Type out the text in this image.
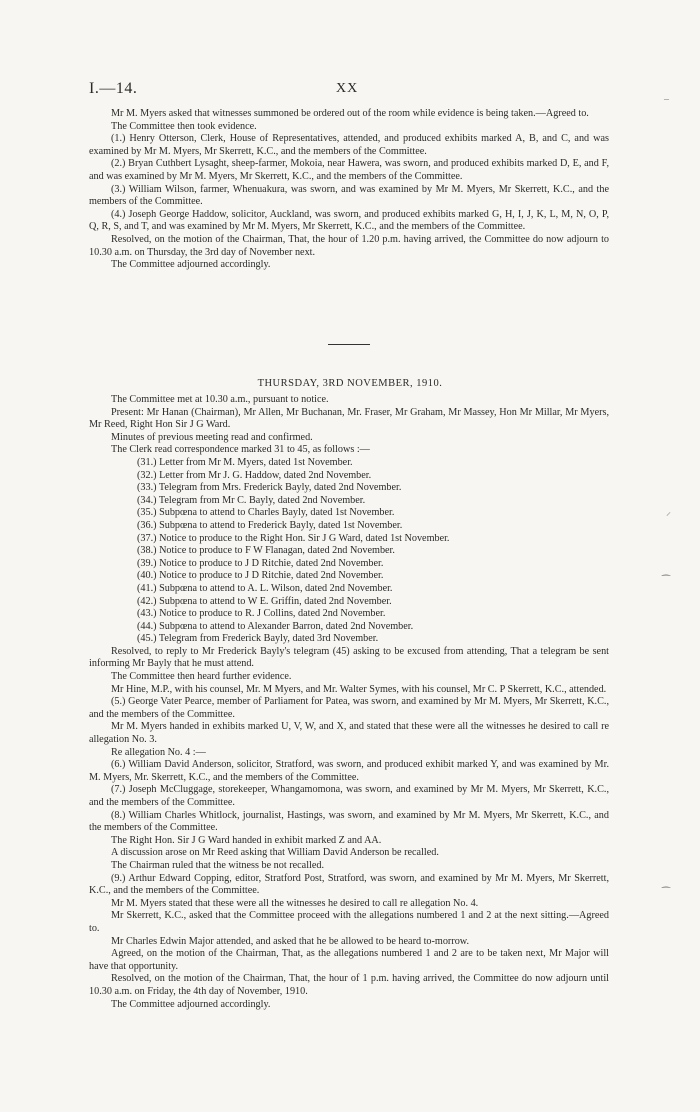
I.—14.	XX

Mr M. Myers asked that witnesses summoned be ordered out of the room while evidence is being taken.—Agreed to.

The Committee then took evidence.

(1.) Henry Otterson, Clerk, House of Representatives, attended, and produced exhibits marked A, B, and C, and was examined by Mr M. Myers, Mr Skerrett, K.C., and the members of the Committee.

(2.) Bryan Cuthbert Lysaght, sheep-farmer, Mokoia, near Hawera, was sworn, and produced exhibits marked D, E, and F, and was examined by Mr M. Myers, Mr Skerrett, K.C., and the members of the Committee.

(3.) William Wilson, farmer, Whenuakura, was sworn, and was examined by Mr M. Myers, Mr Skerrett, K.C., and the members of the Committee.

(4.) Joseph George Haddow, solicitor, Auckland, was sworn, and produced exhibits marked G, H, I, J, K, L, M, N, O, P, Q, R, S, and T, and was examined by Mr M. Myers, Mr Skerrett, K.C., and the members of the Committee.

Resolved, on the motion of the Chairman, That, the hour of 1.20 p.m. having arrived, the Committee do now adjourn to 10.30 a.m. on Thursday, the 3rd day of November next.

The Committee adjourned accordingly.

THURSDAY, 3RD NOVEMBER, 1910.

The Committee met at 10.30 a.m., pursuant to notice.

Present: Mr Hanan (Chairman), Mr Allen, Mr Buchanan, Mr. Fraser, Mr Graham, Mr Massey, Hon Mr Millar, Mr Myers, Mr Reed, Right Hon Sir J G Ward.

Minutes of previous meeting read and confirmed.

The Clerk read correspondence marked 31 to 45, as follows :—

(31.) Letter from Mr M. Myers, dated 1st November.
(32.) Letter from Mr J. G. Haddow, dated 2nd November.
(33.) Telegram from Mrs. Frederick Bayly, dated 2nd November.
(34.) Telegram from Mr C. Bayly, dated 2nd November.
(35.) Subpœna to attend to Charles Bayly, dated 1st November.
(36.) Subpœna to attend to Frederick Bayly, dated 1st November.
(37.) Notice to produce to the Right Hon. Sir J G Ward, dated 1st November.
(38.) Notice to produce to F W Flanagan, dated 2nd November.
(39.) Notice to produce to J D Ritchie, dated 2nd November.
(40.) Notice to produce to J D Ritchie, dated 2nd November.
(41.) Subpœna to attend to A. L. Wilson, dated 2nd November.
(42.) Subpœna to attend to W E. Griffin, dated 2nd November.
(43.) Notice to produce to R. J Collins, dated 2nd November.
(44.) Subpœna to attend to Alexander Barron, dated 2nd November.
(45.) Telegram from Frederick Bayly, dated 3rd November.

Resolved, to reply to Mr Frederick Bayly's telegram (45) asking to be excused from attending, That a telegram be sent informing Mr Bayly that he must attend.

The Committee then heard further evidence.

Mr Hine, M.P., with his counsel, Mr. M Myers, and Mr. Walter Symes, with his counsel, Mr C. P Skerrett, K.C., attended.

(5.) George Vater Pearce, member of Parliament for Patea, was sworn, and examined by Mr M. Myers, Mr Skerrett, K.C., and the members of the Committee.

Mr M. Myers handed in exhibits marked U, V, W, and X, and stated that these were all the witnesses he desired to call re allegation No. 3.

Re allegation No. 4 :—

(6.) William David Anderson, solicitor, Stratford, was sworn, and produced exhibit marked Y, and was examined by Mr. M. Myers, Mr. Skerrett, K.C., and the members of the Committee.

(7.) Joseph McCluggage, storekeeper, Whangamomona, was sworn, and examined by Mr M. Myers, Mr Skerrett, K.C., and the members of the Committee.

(8.) William Charles Whitlock, journalist, Hastings, was sworn, and examined by Mr M. Myers, Mr Skerrett, K.C., and the members of the Committee.

The Right Hon. Sir J G Ward handed in exhibit marked Z and AA.

A discussion arose on Mr Reed asking that William David Anderson be recalled.

The Chairman ruled that the witness be not recalled.

(9.) Arthur Edward Copping, editor, Stratford Post, Stratford, was sworn, and examined by Mr M. Myers, Mr Skerrett, K.C., and the members of the Committee.

Mr M. Myers stated that these were all the witnesses he desired to call re allegation No. 4.

Mr Skerrett, K.C., asked that the Committee proceed with the allegations numbered 1 and 2 at the next sitting.—Agreed to.

Mr Charles Edwin Major attended, and asked that he be allowed to be heard to-morrow.

Agreed, on the motion of the Chairman, That, as the allegations numbered 1 and 2 are to be taken next, Mr Major will have that opportunity.

Resolved, on the motion of the Chairman, That, the hour of 1 p.m. having arrived, the Committee do now adjourn until 10.30 a.m. on Friday, the 4th day of November, 1910.

The Committee adjourned accordingly.

–
⸝
⁀
⁀
